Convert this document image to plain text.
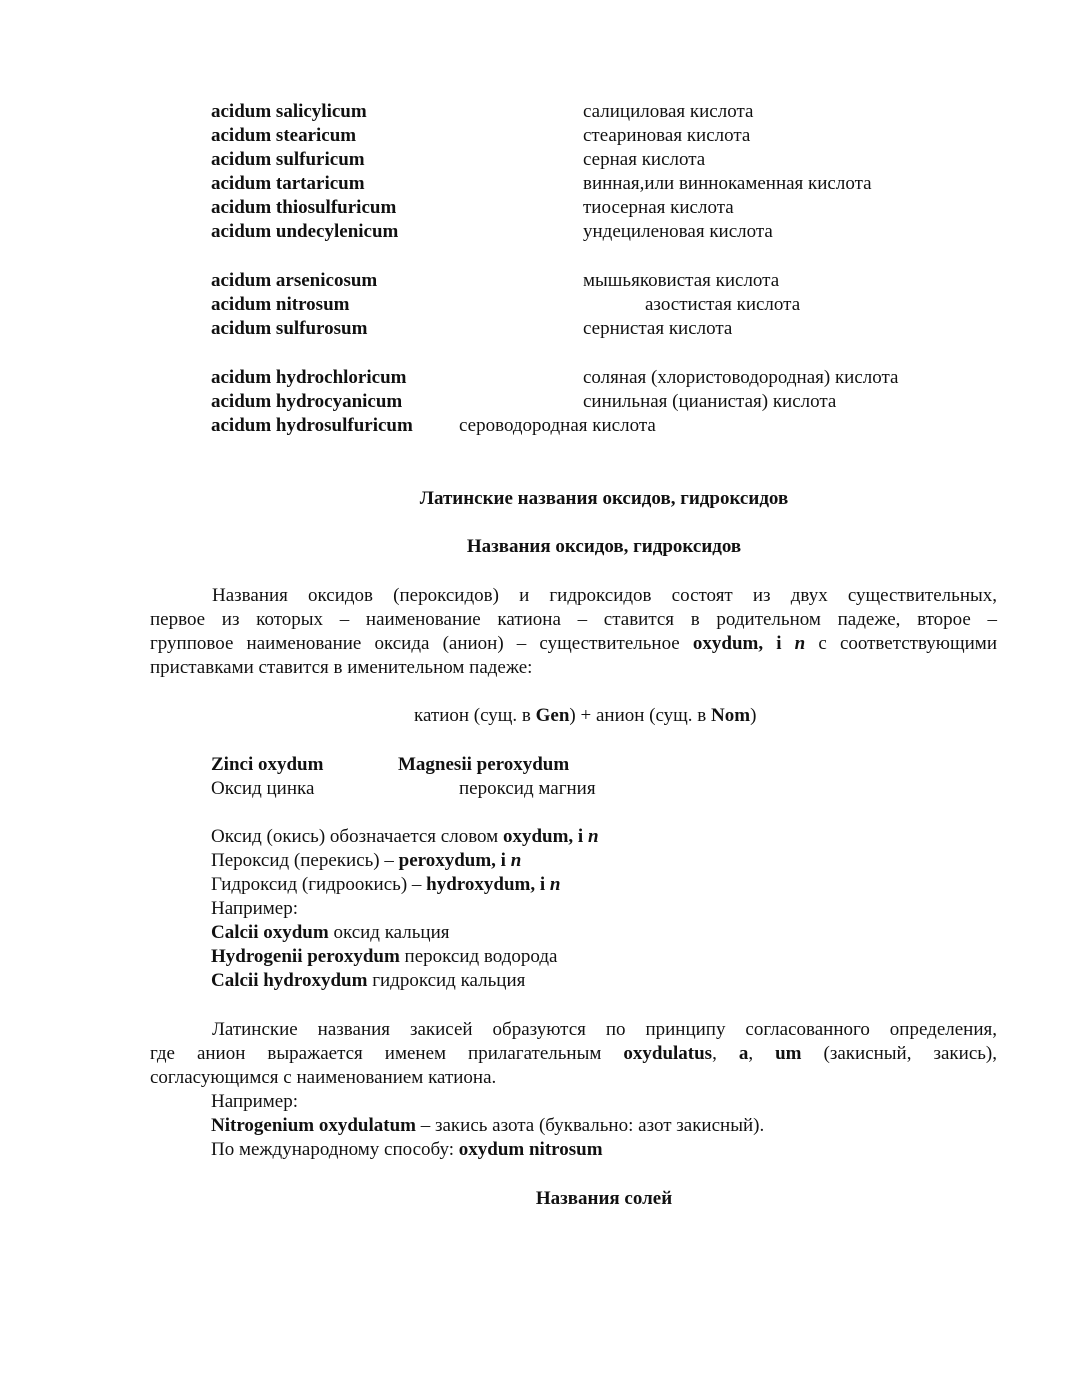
acidum salicylicum	салициловая кислота
acidum stearicum	стеариновая кислота
acidum sulfuricum	серная кислота
acidum tartaricum	винная,или виннокаменная кислота
acidum thiosulfuricum	тиосерная кислота
acidum undecylenicum	ундециленовая кислота
acidum arsenicosum	мышьяковистая кислота
acidum nitrosum	азостистая кислота
acidum sulfurosum	сернистая кислота
acidum hydrochloricum	соляная (хлористоводородная) кислота
acidum hydrocyanicum	синильная (цианистая) кислота
acidum hydrosulfuricum сероводородная кислота
Латинские названия оксидов, гидроксидов
Названия оксидов, гидроксидов
Названия оксидов (пероксидов) и гидроксидов состоят из двух существительных,
первое из которых – наименование катиона – ставится в родительном падеже, второе –
групповое наименование оксида (анион) – существительное oxydum, i n с соответствующими
приставками ставится в именительном падеже:
катион (сущ. в Gen) + анион (сущ. в Nom)
Zinci oxydum	Magnesii peroxydum
Оксид цинка	пероксид магния
Оксид (окись) обозначается словом oxydum, i n
Пероксид (перекись) – peroxydum, i n
Гидроксид (гидроокись) – hydroxydum, i n
Например:
Calcii oxydum оксид кальция
Hydrogenii peroxydum пероксид водорода
Calcii hydroxydum гидроксид кальция
Латинские названия закисей образуются по принципу согласованного определения,
где анион выражается именем прилагательным oxydulatus, a, um (закисный, закись),
согласующимся с наименованием катиона.
Например:
Nitrogenium oxydulatum – закись азота (буквально: азот закисный).
По международному способу: oxydum nitrosum
Названия солей
